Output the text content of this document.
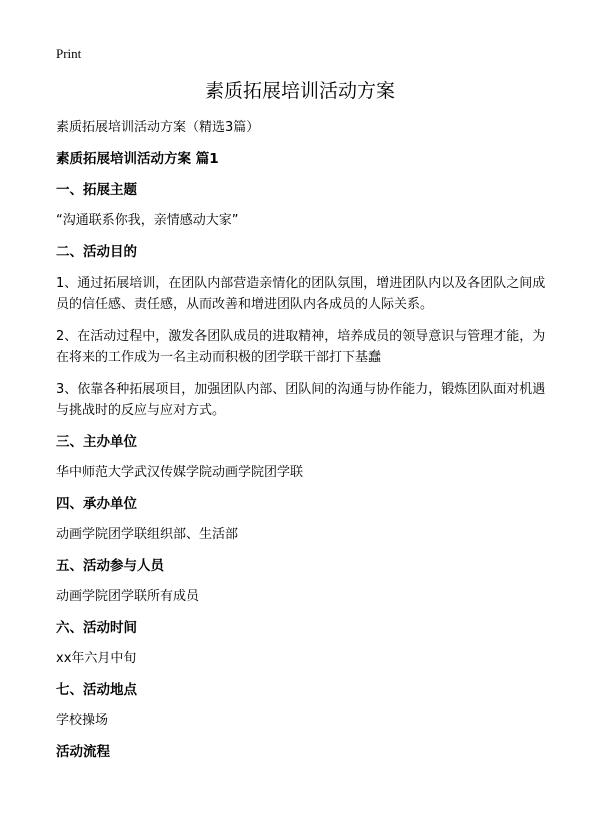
Print
素质拓展培训活动方案

素质拓展培训活动方案（精选3篇）

素质拓展培训活动方案 篇1

一、拓展主题

“沟通联系你我，亲情感动大家”

二、活动目的

1、通过拓展培训，在团队内部营造亲情化的团队氛围，增进团队内以及各团队之间成员的信任感、责任感，从而改善和增进团队内各成员的人际关系。

2、在活动过程中，激发各团队成员的进取精神，培养成员的领导意识与管理才能，为在将来的工作成为一名主动而积极的团学联干部打下基蠢

3、依靠各种拓展项目，加强团队内部、团队间的沟通与协作能力，锻炼团队面对机遇与挑战时的反应与应对方式。

三、主办单位

华中师范大学武汉传媒学院动画学院团学联

四、承办单位

动画学院团学联组织部、生活部

五、活动参与人员

动画学院团学联所有成员

六、活动时间

xx年六月中旬

七、活动地点

学校操场

活动流程
